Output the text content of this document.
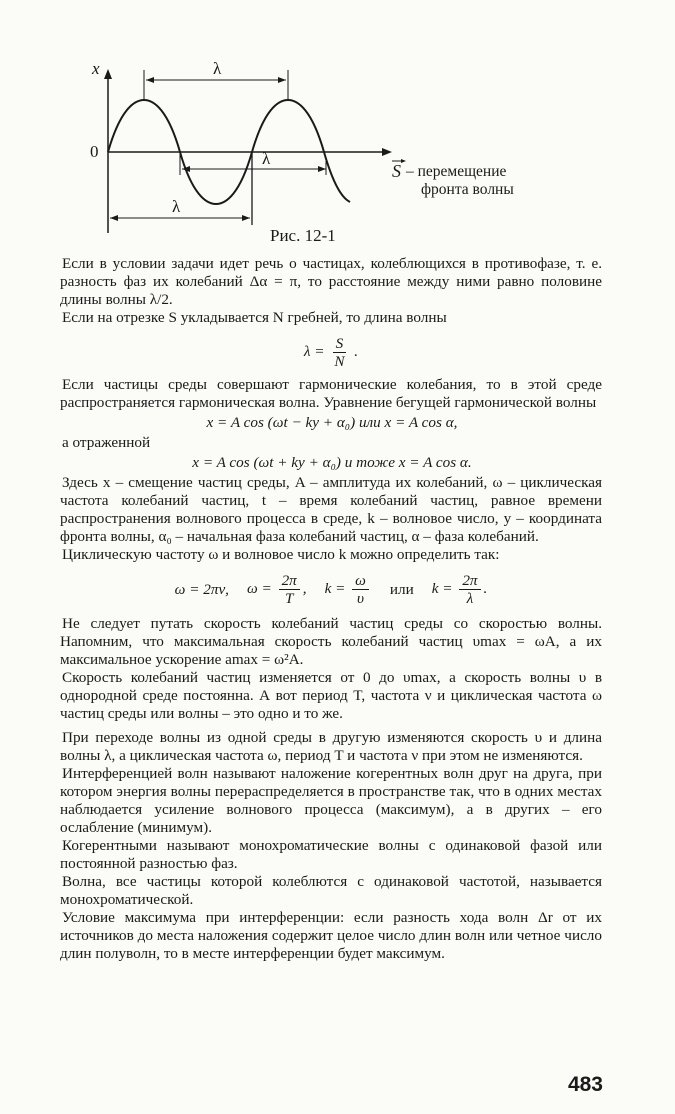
x
0
λ
λ
λ
S – перемещение
фронта волны
Рис. 12-1

Если в условии задачи идет речь о частицах, колеблющихся в противофазе, т. е. разность фаз их колебаний Δα = π, то расстояние между ними равно половине длины волны λ/2.

Если на отрезке S укладывается N гребней, то длина волны

$\lambda = \frac{S}{N}$ .

Если частицы среды совершают гармонические колебания, то в этой среде распространяется гармоническая волна. Уравнение бегущей гармонической волны

x = A cos (ωt − ky + α₀) или x = A cos α,

а отраженной

x = A cos (ωt + ky + α₀) и тоже x = A cos α.

Здесь x – смещение частиц среды, A – амплитуда их колебаний, ω – циклическая частота колебаний частиц, t – время колебаний частиц, равное времени распространения волнового процесса в среде, k – волновое число, y – координата фронта волны, α₀ – начальная фаза колебаний частиц, α – фаза колебаний.

Циклическую частоту ω и волновое число k можно определить так:

ω = 2πν, $\omega = \frac{2\pi}{T}$ , $k = \frac{\omega}{\upsilon}$ или $k = \frac{2\pi}{\lambda}$ .

Не следует путать скорость колебаний частиц среды со скоростью волны. Напомним, что максимальная скорость колебаний частиц υmax = ωA, а их максимальное ускорение amax = ω²A.

Скорость колебаний частиц изменяется от 0 до υmax, а скорость волны υ в однородной среде постоянна. А вот период T, частота ν и циклическая частота ω частиц среды или волны – это одно и то же.

При переходе волны из одной среды в другую изменяются скорость υ и длина волны λ, а циклическая частота ω, период T и частота ν при этом не изменяются.

Интерференцией волн называют наложение когерентных волн друг на друга, при котором энергия волны перераспределяется в пространстве так, что в одних местах наблюдается усиление волнового процесса (максимум), а в других – его ослабление (минимум).

Когерентными называют монохроматические волны с одинаковой фазой или постоянной разностью фаз.

Волна, все частицы которой колеблются с одинаковой частотой, называется монохроматической.

Условие максимума при интерференции: если разность хода волн Δr от их источников до места наложения содержит целое число длин волн или четное число длин полуволн, то в месте интерференции будет максимум.

483
